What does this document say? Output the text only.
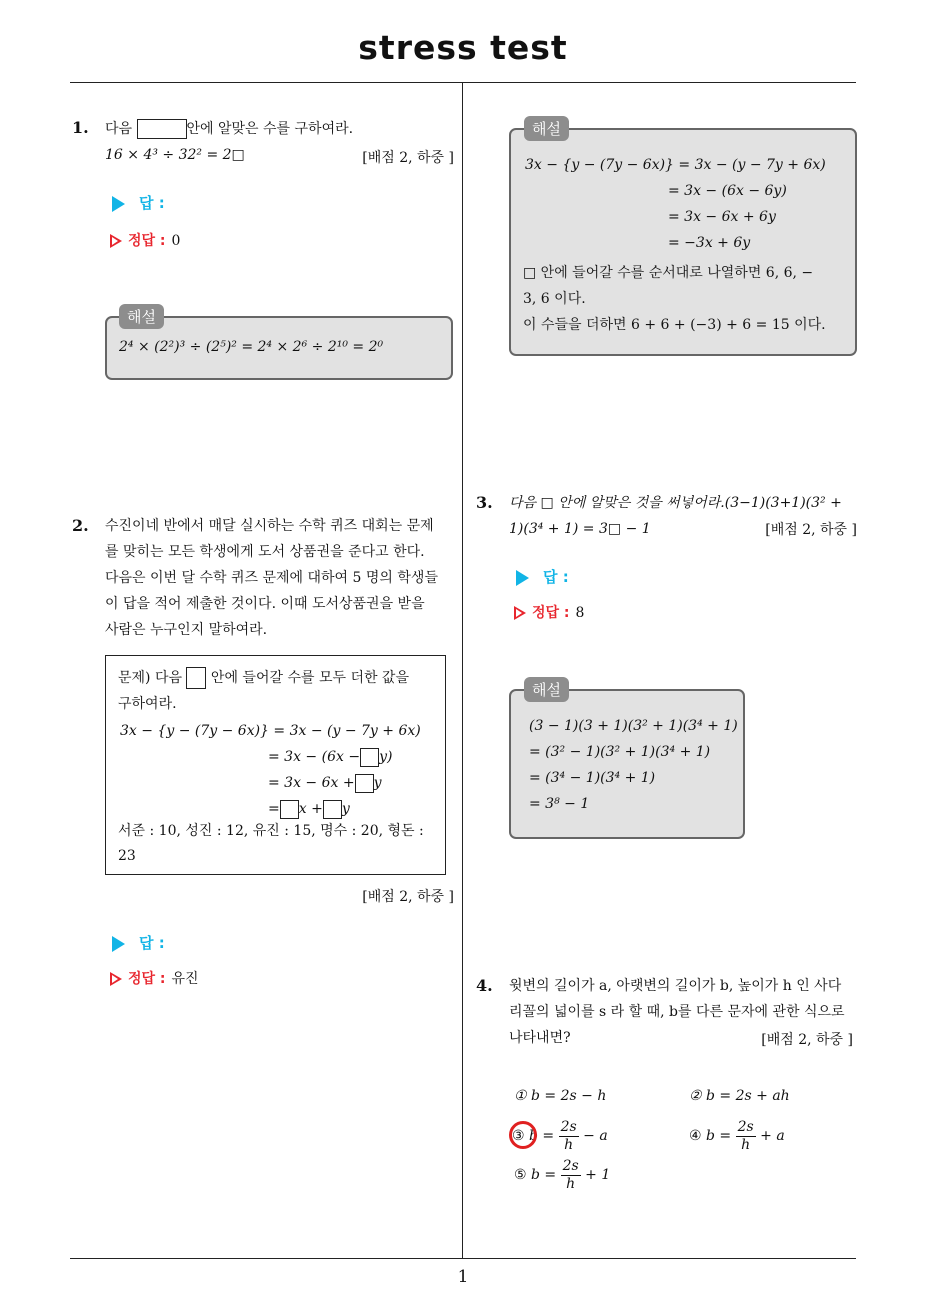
stress test
1
1. 다음	안에 알맞은 수를 구하여라.
16 × 4³ ÷ 32² = 2□	[배점 2, 하중 ]
답 :
정답 : 0
2⁴ × (2²)³ ÷ (2⁵)² = 2⁴ × 2⁶ ÷ 2¹⁰ = 2⁰
해설
2. 수진이네 반에서 매달 실시하는 수학 퀴즈 대회는 문제
를 맞히는 모든 학생에게 도서 상품권을 준다고 한다.
다음은 이번 달 수학 퀴즈 문제에 대하여 5 명의 학생들
이 답을 적어 제출한 것이다. 이때 도서상품권을 받을
사람은 누구인지 말하여라.
문제) 다음 안에 들어갈 수를 모두 더한 값을
구하여라.
3x − {y − (7y − 6x)} = 3x − (y − 7y + 6x)
= 3x − (6x − y)
= 3x − 6x + y
= x + y
서준 : 10, 성진 : 12, 유진 : 15, 명수 : 20, 형돈 :
23
[배점 2, 하중 ]
답 :
정답 : 유진
3x − {y − (7y − 6x)} = 3x − (y − 7y + 6x)
= 3x − (6x − 6y)
= 3x − 6x + 6y
= −3x + 6y
□ 안에 들어갈 수를 순서대로 나열하면 6, 6, −
3, 6 이다.
이 수들을 더하면 6 + 6 + (−3) + 6 = 15 이다.
해설
3. 다음 □ 안에 알맞은 것을 써넣어라.(3−1)(3+1)(3² +
1)(3⁴ + 1) = 3□ − 1	[배점 2, 하중 ]
답 :
정답 : 8
(3 − 1)(3 + 1)(3² + 1)(3⁴ + 1)
= (3² − 1)(3² + 1)(3⁴ + 1)
= (3⁴ − 1)(3⁴ + 1)
= 3⁸ − 1
해설
4. 윗변의 길이가 a, 아랫변의 길이가 b, 높이가 h 인 사다
리꼴의 넓이를 s 라 할 때, b를 다른 문자에 관한 식으로
나타내면?	[배점 2, 하중 ]
① b = 2s − h	② b = 2s + ah
③ $b = \frac{2s}{h} - a$	④ $b = \frac{2s}{h} + a$
⑤ $b = \frac{2s}{h} + 1$
